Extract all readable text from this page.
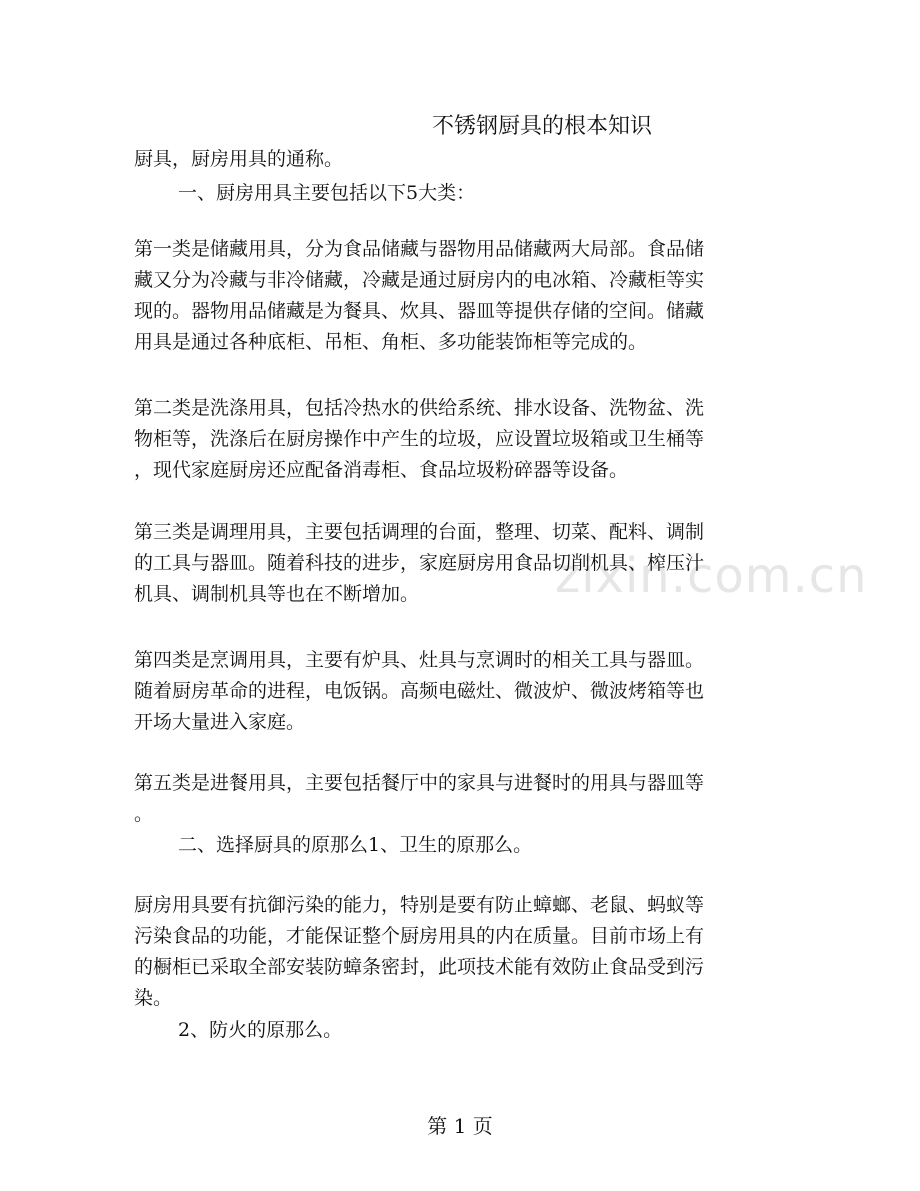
zixin.com.cn
不锈钢厨具的根本知识
厨具，厨房用具的通称。
一、厨房用具主要包括以下5大类：
第一类是储藏用具，分为食品储藏与器物用品储藏两大局部。食品储
藏又分为冷藏与非冷储藏，冷藏是通过厨房内的电冰箱、冷藏柜等实
现的。器物用品储藏是为餐具、炊具、器皿等提供存储的空间。储藏
用具是通过各种底柜、吊柜、角柜、多功能装饰柜等完成的。
第二类是洗涤用具，包括冷热水的供给系统、排水设备、洗物盆、洗
物柜等，洗涤后在厨房操作中产生的垃圾，应设置垃圾箱或卫生桶等
，现代家庭厨房还应配备消毒柜、食品垃圾粉碎器等设备。
第三类是调理用具，主要包括调理的台面，整理、切菜、配料、调制
的工具与器皿。随着科技的进步，家庭厨房用食品切削机具、榨压汁
机具、调制机具等也在不断增加。
第四类是烹调用具，主要有炉具、灶具与烹调时的相关工具与器皿。
随着厨房革命的进程，电饭锅。高频电磁灶、微波炉、微波烤箱等也
开场大量进入家庭。
第五类是进餐用具，主要包括餐厅中的家具与进餐时的用具与器皿等
。
二、选择厨具的原那么1、卫生的原那么。
厨房用具要有抗御污染的能力，特别是要有防止蟑螂、老鼠、蚂蚁等
污染食品的功能，才能保证整个厨房用具的内在质量。目前市场上有
的橱柜已采取全部安装防蟑条密封，此项技术能有效防止食品受到污
染。
2、防火的原那么。
第 1 页
